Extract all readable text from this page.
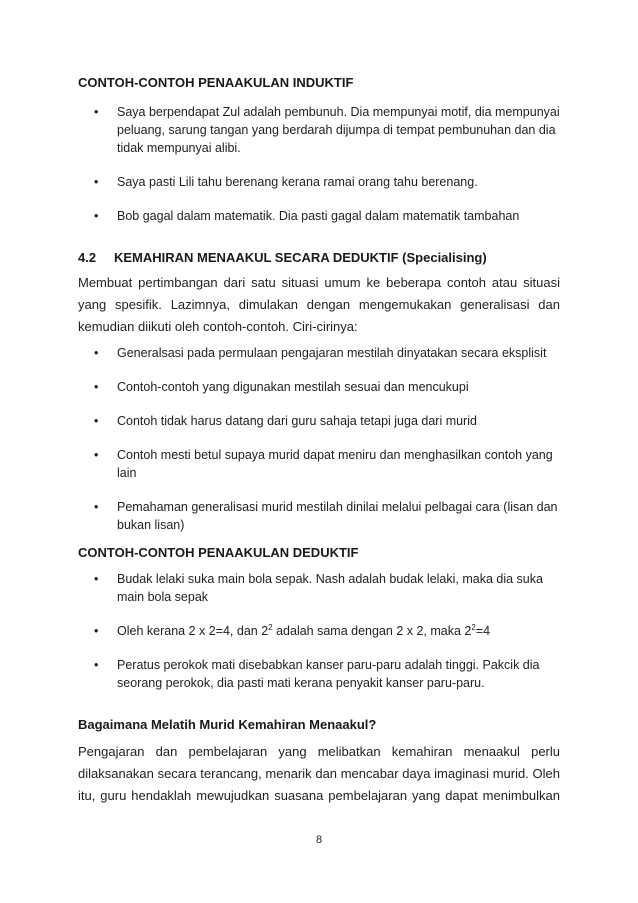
CONTOH-CONTOH PENAAKULAN INDUKTIF
• Saya berpendapat Zul adalah pembunuh. Dia mempunyai motif, dia mempunyai peluang, sarung tangan yang berdarah dijumpa di tempat pembunuhan dan dia tidak mempunyai alibi.
• Saya pasti Lili tahu berenang kerana ramai orang tahu berenang.
• Bob gagal dalam matematik. Dia pasti gagal dalam matematik tambahan
4.2 KEMAHIRAN MENAAKUL SECARA DEDUKTIF (Specialising)

Membuat pertimbangan dari satu situasi umum ke beberapa contoh atau situasi yang spesifik. Lazimnya, dimulakan dengan mengemukakan generalisasi dan kemudian diikuti oleh contoh-contoh. Ciri-cirinya:

• Generalsasi pada permulaan pengajaran mestilah dinyatakan secara eksplisit
• Contoh-contoh yang digunakan mestilah sesuai dan mencukupi
• Contoh tidak harus datang dari guru sahaja tetapi juga dari murid
• Contoh mesti betul supaya murid dapat meniru dan menghasilkan contoh yang lain
• Pemahaman generalisasi murid mestilah dinilai melalui pelbagai cara (lisan dan bukan lisan)
CONTOH-CONTOH PENAAKULAN DEDUKTIF
• Budak lelaki suka main bola sepak. Nash adalah budak lelaki, maka dia suka main bola sepak
• Oleh kerana 2 x 2=4, dan $2^2$ adalah sama dengan 2 x 2, maka $2^2=4$
• Peratus perokok mati disebabkan kanser paru-paru adalah tinggi. Pakcik dia seorang perokok, dia pasti mati kerana penyakit kanser paru-paru.
Bagaimana Melatih Murid Kemahiran Menaakul?

Pengajaran dan pembelajaran yang melibatkan kemahiran menaakul perlu dilaksanakan secara terancang, menarik dan mencabar daya imaginasi murid. Oleh itu, guru hendaklah mewujudkan suasana pembelajaran yang dapat menimbulkan

8
